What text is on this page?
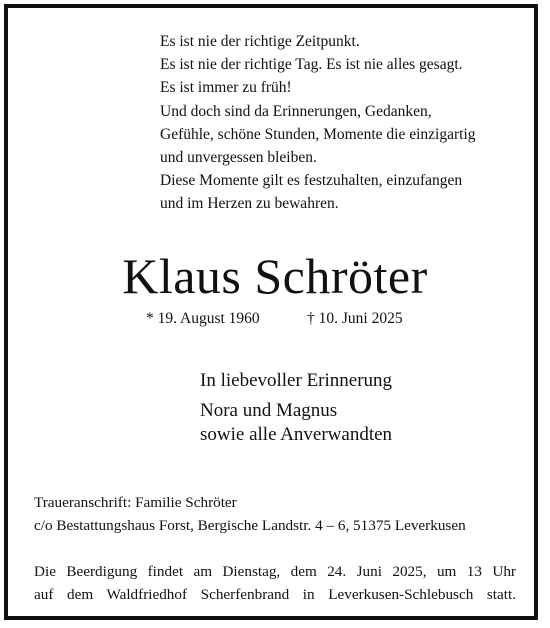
Es ist nie der richtige Zeitpunkt.
Es ist nie der richtige Tag. Es ist nie alles gesagt.
Es ist immer zu früh!
Und doch sind da Erinnerungen, Gedanken,
Gefühle, schöne Stunden, Momente die einzigartig
und unvergessen bleiben.
Diese Momente gilt es festzuhalten, einzufangen
und im Herzen zu bewahren.
Klaus Schröter
* 19. August 1960	† 10. Juni 2025
In liebevoller Erinnerung
Nora und Magnus
sowie alle Anverwandten
Traueranschrift: Familie Schröter
c/o Bestattungshaus Forst, Bergische Landstr. 4 – 6, 51375 Leverkusen
Die Beerdigung findet am Dienstag, dem 24. Juni 2025, um 13 Uhr
auf dem Waldfriedhof Scherfenbrand in Leverkusen-Schlebusch statt.
